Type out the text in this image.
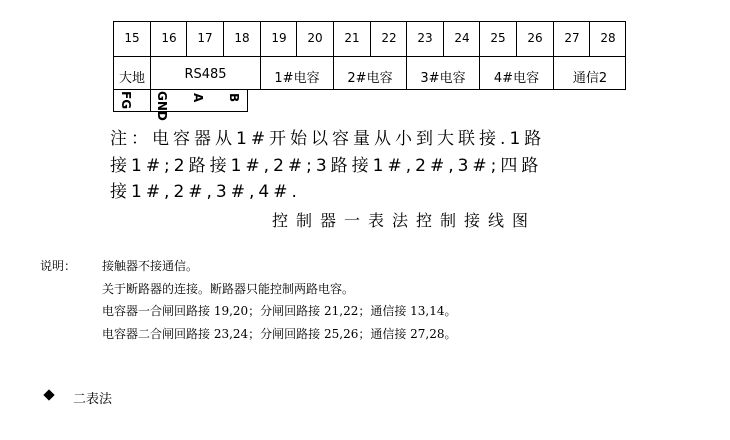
15	16	17	18	19	20	21	22	23	24	25	26	27	28
大地	RS485	1#电容	2#电容	3#电容	4#电容	通信2
FG GND A B
注：电容器从1#开始以容量从小到大联接.1路
接1#;2路接1#,2#;3路接1#,2#,3#;四路
接1#,2#,3#,4#.
控制器一表法控制接线图
说明： 接触器不接通信。
关于断路器的连接。断路器只能控制两路电容。
电容器一合闸回路接 19,20；分闸回路接 21,22；通信接 13,14。
电容器二合闸回路接 23,24；分闸回路接 25,26；通信接 27,28。
二表法
